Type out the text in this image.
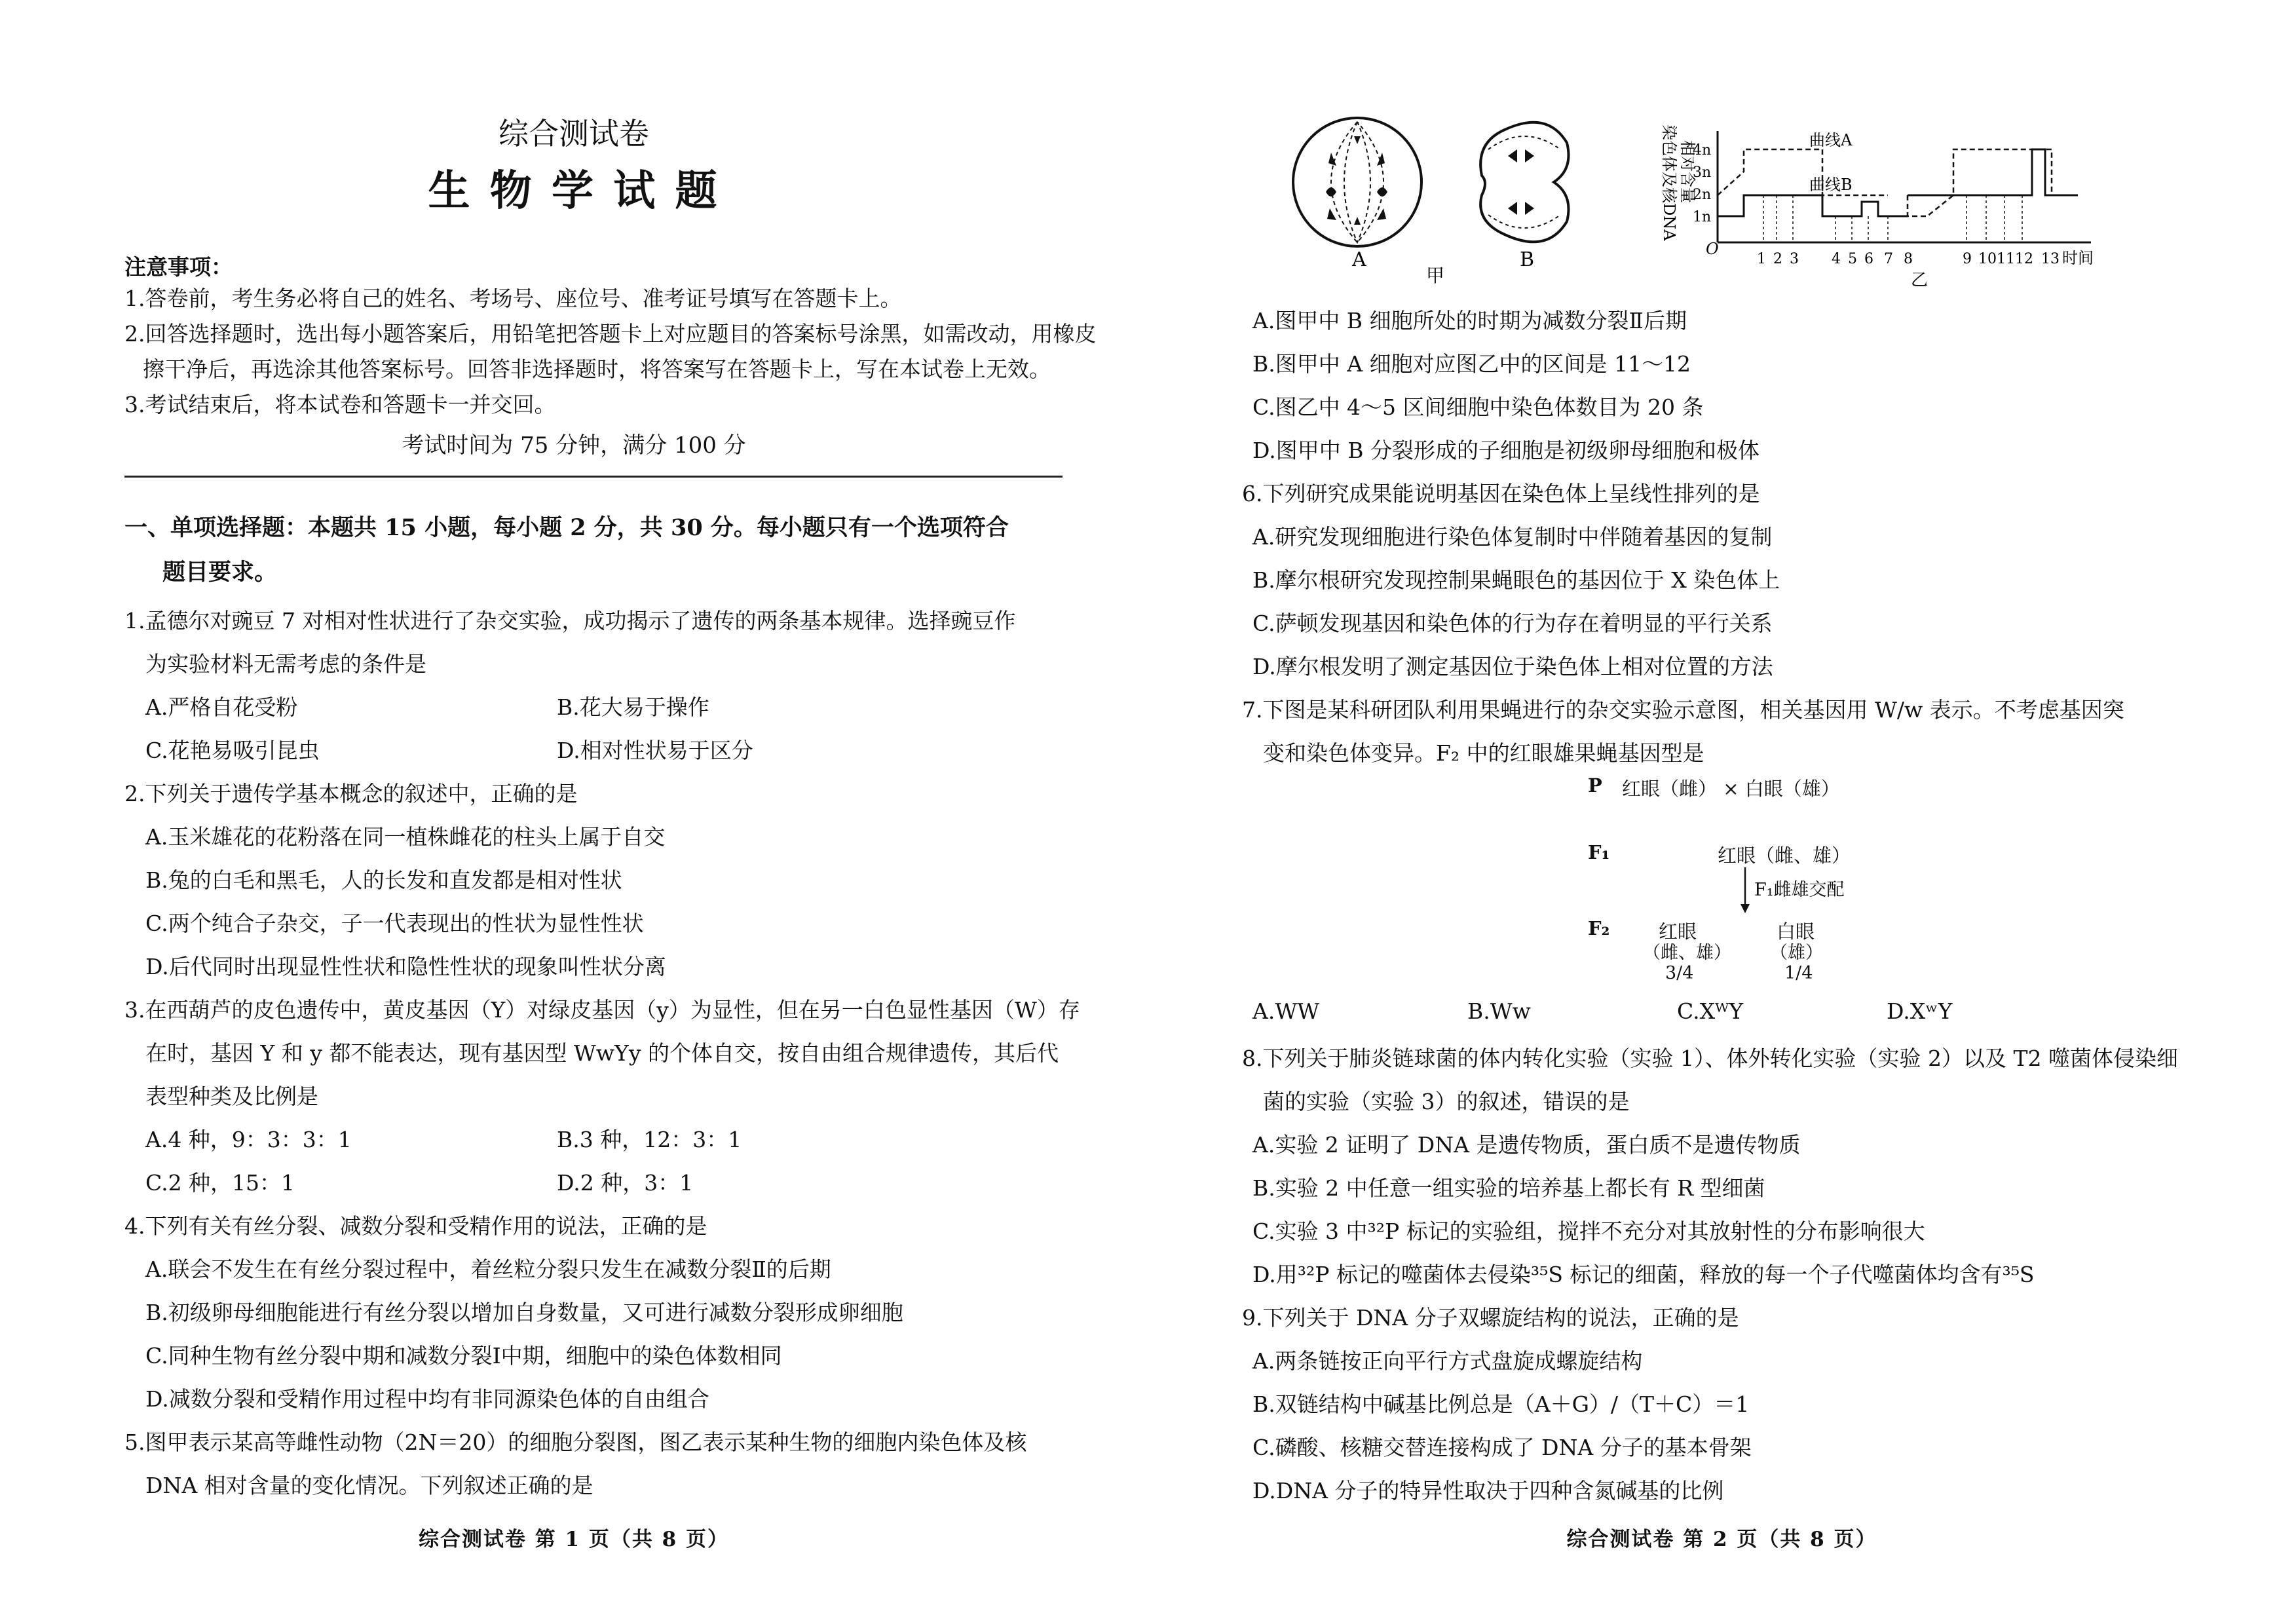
综合测试卷
生 物 学 试 题
注意事项：
1.答卷前，考生务必将自己的姓名、考场号、座位号、准考证号填写在答题卡上。
2.回答选择题时，选出每小题答案后，用铅笔把答题卡上对应题目的答案标号涂黑，如需改动，用橡皮
擦干净后，再选涂其他答案标号。回答非选择题时，将答案写在答题卡上，写在本试卷上无效。
3.考试结束后，将本试卷和答题卡一并交回。
考试时间为 75 分钟，满分 100 分
一、单项选择题：本题共 15 小题，每小题 2 分，共 30 分。每小题只有一个选项符合
题目要求。
1.孟德尔对豌豆 7 对相对性状进行了杂交实验，成功揭示了遗传的两条基本规律。选择豌豆作
为实验材料无需考虑的条件是
A.严格自花受粉	B.花大易于操作
C.花艳易吸引昆虫	D.相对性状易于区分
2.下列关于遗传学基本概念的叙述中，正确的是
A.玉米雄花的花粉落在同一植株雌花的柱头上属于自交
B.兔的白毛和黑毛，人的长发和直发都是相对性状
C.两个纯合子杂交，子一代表现出的性状为显性性状
D.后代同时出现显性性状和隐性性状的现象叫性状分离
3.在西葫芦的皮色遗传中，黄皮基因（Y）对绿皮基因（y）为显性，但在另一白色显性基因（W）存
在时，基因 Y 和 y 都不能表达，现有基因型 WwYy 的个体自交，按自由组合规律遗传，其后代
表型种类及比例是
A.4 种，9：3：3：1	B.3 种，12：3：1
C.2 种，15：1	D.2 种，3：1
4.下列有关有丝分裂、减数分裂和受精作用的说法，正确的是
A.联会不发生在有丝分裂过程中，着丝粒分裂只发生在减数分裂Ⅱ的后期
B.初级卵母细胞能进行有丝分裂以增加自身数量，又可进行减数分裂形成卵细胞
C.同种生物有丝分裂中期和减数分裂Ⅰ中期，细胞中的染色体数相同
D.减数分裂和受精作用过程中均有非同源染色体的自由组合
5.图甲表示某高等雌性动物（2N＝20）的细胞分裂图，图乙表示某种生物的细胞内染色体及核
DNA 相对含量的变化情况。下列叙述正确的是
综合测试卷 第 1 页（共 8 页）
A	B
甲
染色体及核DNA 相对含量
4n
3n
2n
1n
O
1 2 3 4 5 6 7 8	9 10 11 12 13 时间
曲线A
曲线B
乙
A.图甲中 B 细胞所处的时期为减数分裂Ⅱ后期
B.图甲中 A 细胞对应图乙中的区间是 11～12
C.图乙中 4～5 区间细胞中染色体数目为 20 条
D.图甲中 B 分裂形成的子细胞是初级卵母细胞和极体
6.下列研究成果能说明基因在染色体上呈线性排列的是
A.研究发现细胞进行染色体复制时中伴随着基因的复制
B.摩尔根研究发现控制果蝇眼色的基因位于 X 染色体上
C.萨顿发现基因和染色体的行为存在着明显的平行关系
D.摩尔根发明了测定基因位于染色体上相对位置的方法
7.下图是某科研团队利用果蝇进行的杂交实验示意图，相关基因用 W/w 表示。不考虑基因突
变和染色体变异。F₂ 中的红眼雄果蝇基因型是
P 红眼（雌） × 白眼（雄）
F₁	红眼（雌、雄）
F₁雌雄交配
F₂	红眼
（雌、雄）
3/4
白眼
（雄）
1/4
A.WW	B.Ww	C.XᵂY	D.XʷY
8.下列关于肺炎链球菌的体内转化实验（实验 1）、体外转化实验（实验 2）以及 T2 噬菌体侵染细
菌的实验（实验 3）的叙述，错误的是
A.实验 2 证明了 DNA 是遗传物质，蛋白质不是遗传物质
B.实验 2 中任意一组实验的培养基上都长有 R 型细菌
C.实验 3 中³²P 标记的实验组，搅拌不充分对其放射性的分布影响很大
D.用³²P 标记的噬菌体去侵染³⁵S 标记的细菌，释放的每一个子代噬菌体均含有³⁵S
9.下列关于 DNA 分子双螺旋结构的说法，正确的是
A.两条链按正向平行方式盘旋成螺旋结构
B.双链结构中碱基比例总是（A＋G）/（T＋C）＝1
C.磷酸、核糖交替连接构成了 DNA 分子的基本骨架
D.DNA 分子的特异性取决于四种含氮碱基的比例
综合测试卷 第 2 页（共 8 页）
